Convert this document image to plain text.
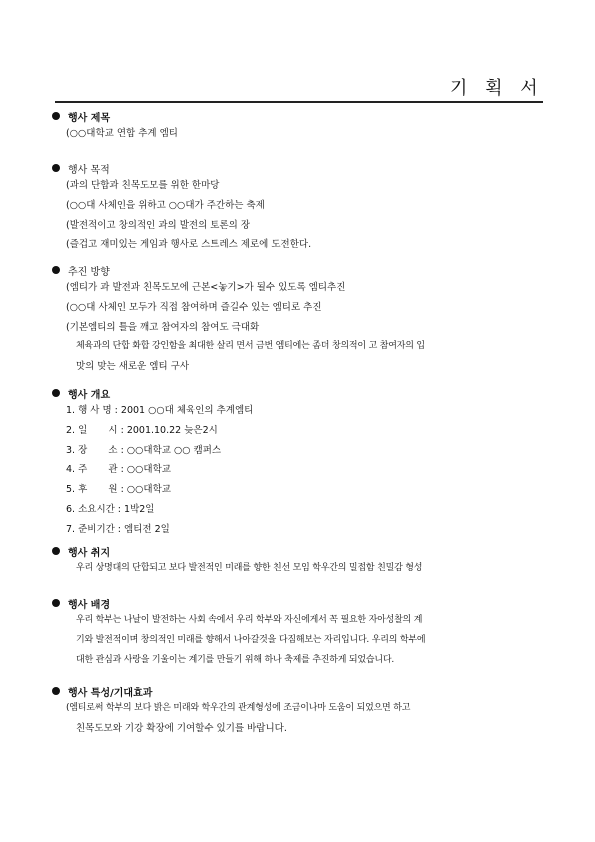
기 획 서
행사 제목
(○○대학교 연합 추계 엠티
행사 목적
(과의 단합과 친목도모를 위한 한마당
(○○대 사체인을 위하고 ○○대가 주간하는 축제
(발전적이고 창의적인 과의 발전의 토론의 장
(즐겁고 재미있는 게임과 행사로 스트레스 제로에 도전한다.
추진 방향
(엠티가 과 발전과 친목도모에 근본<놓기>가 될수 있도록 엠티추진
(○○대 사체인 모두가 직접 참여하며 즐길수 있는 엠티로 추진
(기본엠티의 틀을 깨고 참여자의 참여도 극대화
체육과의 단합 화합 강인함을 최대한 살리 면서 금번 엠티에는 좀더 창의적이 고 참여자의 입
맛의 맞는 새로운 엠티 구사
행사 개요
1. 행 사 명 : 2001 ○○대 체육인의 추계엠티
2. 일       시 : 2001.10.22 늦은2시
3. 장       소 : ○○대학교 ○○ 캠퍼스
4. 주       관 : ○○대학교
5. 후       원 : ○○대학교
6. 소요시간 : 1박2일
7. 준비기간 : 엠티전 2일
행사 취지
우리 상명대의 단합되고 보다 발전적인 미래를 향한 친선 모임 학우간의 밀접함 친밀감 형성
행사 배경
우리 학부는 나날이 발전하는 사회 속에서 우리 학부와 자신에게서 꼭 필요한 자아성찰의 계
기와 발전적이며 창의적인 미래를 향해서 나아갈것을 다짐해보는 자리입니다. 우리의 학부에
대한 관심과 사랑을 기울이는 계기를 만들기 위해 하나 축제를 추진하게 되었습니다.
행사 특성/기대효과
(엠티로써 학부의 보다 밝은 미래와 학우간의 관계형성에 조금이나마 도움이 되었으면 하고
친목도모와 기강 확장에 기여할수 있기를 바랍니다.
